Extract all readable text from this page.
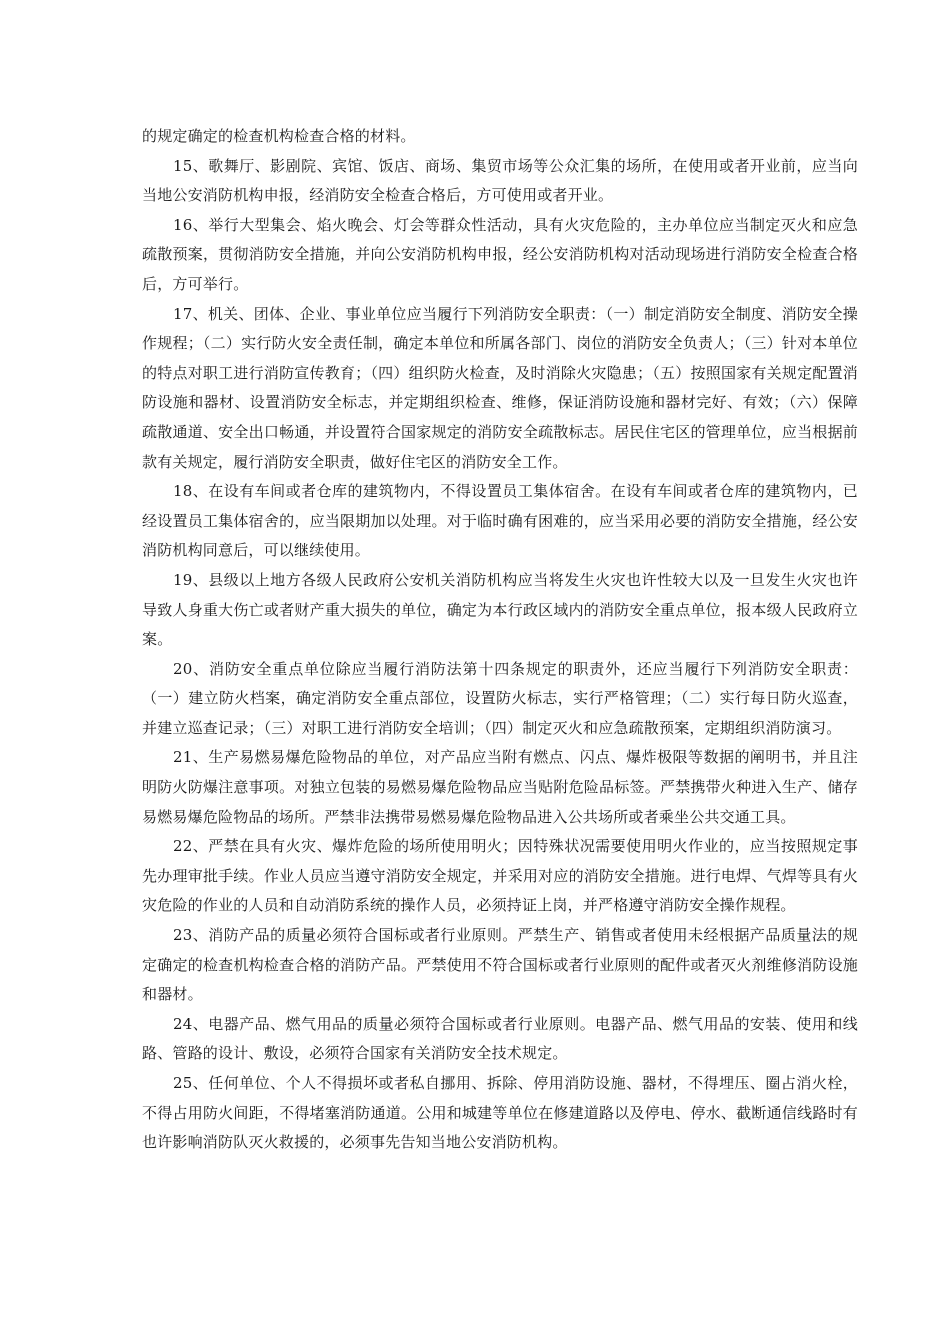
的规定确定的检查机构检查合格的材料。

15、歌舞厅、影剧院、宾馆、饭店、商场、集贸市场等公众汇集的场所，在使用或者开业前，应当向当地公安消防机构申报，经消防安全检查合格后，方可使用或者开业。

16、举行大型集会、焰火晚会、灯会等群众性活动，具有火灾危险的，主办单位应当制定灭火和应急疏散预案，贯彻消防安全措施，并向公安消防机构申报，经公安消防机构对活动现场进行消防安全检查合格后，方可举行。

17、机关、团体、企业、事业单位应当履行下列消防安全职责：（一）制定消防安全制度、消防安全操作规程；（二）实行防火安全责任制，确定本单位和所属各部门、岗位的消防安全负责人；（三）针对本单位的特点对职工进行消防宣传教育；（四）组织防火检查，及时消除火灾隐患；（五）按照国家有关规定配置消防设施和器材、设置消防安全标志，并定期组织检查、维修，保证消防设施和器材完好、有效；（六）保障疏散通道、安全出口畅通，并设置符合国家规定的消防安全疏散标志。居民住宅区的管理单位，应当根据前款有关规定，履行消防安全职责，做好住宅区的消防安全工作。

18、在设有车间或者仓库的建筑物内，不得设置员工集体宿舍。在设有车间或者仓库的建筑物内，已经设置员工集体宿舍的，应当限期加以处理。对于临时确有困难的，应当采用必要的消防安全措施，经公安消防机构同意后，可以继续使用。

19、县级以上地方各级人民政府公安机关消防机构应当将发生火灾也许性较大以及一旦发生火灾也许导致人身重大伤亡或者财产重大损失的单位，确定为本行政区域内的消防安全重点单位，报本级人民政府立案。

20、消防安全重点单位除应当履行消防法第十四条规定的职责外，还应当履行下列消防安全职责：（一）建立防火档案，确定消防安全重点部位，设置防火标志，实行严格管理；（二）实行每日防火巡查，并建立巡查记录；（三）对职工进行消防安全培训；（四）制定灭火和应急疏散预案，定期组织消防演习。

21、生产易燃易爆危险物品的单位，对产品应当附有燃点、闪点、爆炸极限等数据的阐明书，并且注明防火防爆注意事项。对独立包装的易燃易爆危险物品应当贴附危险品标签。严禁携带火种进入生产、储存易燃易爆危险物品的场所。严禁非法携带易燃易爆危险物品进入公共场所或者乘坐公共交通工具。

22、严禁在具有火灾、爆炸危险的场所使用明火；因特殊状况需要使用明火作业的，应当按照规定事先办理审批手续。作业人员应当遵守消防安全规定，并采用对应的消防安全措施。进行电焊、气焊等具有火灾危险的作业的人员和自动消防系统的操作人员，必须持证上岗，并严格遵守消防安全操作规程。

23、消防产品的质量必须符合国标或者行业原则。严禁生产、销售或者使用未经根据产品质量法的规定确定的检查机构检查合格的消防产品。严禁使用不符合国标或者行业原则的配件或者灭火剂维修消防设施和器材。

24、电器产品、燃气用品的质量必须符合国标或者行业原则。电器产品、燃气用品的安装、使用和线路、管路的设计、敷设，必须符合国家有关消防安全技术规定。

25、任何单位、个人不得损坏或者私自挪用、拆除、停用消防设施、器材，不得埋压、圈占消火栓，不得占用防火间距，不得堵塞消防通道。公用和城建等单位在修建道路以及停电、停水、截断通信线路时有也许影响消防队灭火救援的，必须事先告知当地公安消防机构。
